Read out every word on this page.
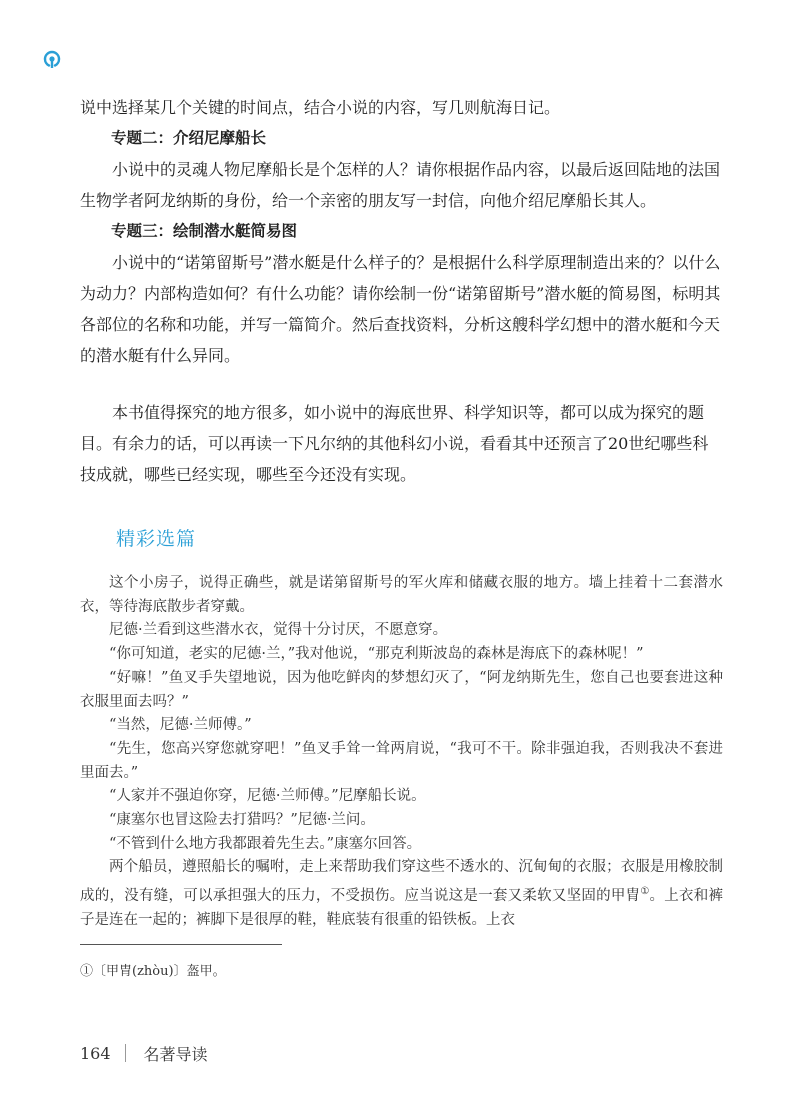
说中选择某几个关键的时间点，结合小说的内容，写几则航海日记。

专题二：介绍尼摩船长

小说中的灵魂人物尼摩船长是个怎样的人？请你根据作品内容，以最后返回陆地的法国生物学者阿龙纳斯的身份，给一个亲密的朋友写一封信，向他介绍尼摩船长其人。

专题三：绘制潜水艇简易图

小说中的“诺第留斯号”潜水艇是什么样子的？是根据什么科学原理制造出来的？以什么为动力？内部构造如何？有什么功能？请你绘制一份“诺第留斯号”潜水艇的简易图，标明其各部位的名称和功能，并写一篇简介。然后查找资料，分析这艘科学幻想中的潜水艇和今天的潜水艇有什么异同。

本书值得探究的地方很多，如小说中的海底世界、科学知识等，都可以成为探究的题目。有余力的话，可以再读一下凡尔纳的其他科幻小说，看看其中还预言了20世纪哪些科技成就，哪些已经实现，哪些至今还没有实现。

精彩选篇

这个小房子，说得正确些，就是诺第留斯号的军火库和储藏衣服的地方。墙上挂着十二套潜水衣，等待海底散步者穿戴。

尼德·兰看到这些潜水衣，觉得十分讨厌，不愿意穿。

“你可知道，老实的尼德·兰，”我对他说，“那克利斯波岛的森林是海底下的森林呢！”

“好嘛！”鱼叉手失望地说，因为他吃鲜肉的梦想幻灭了，“阿龙纳斯先生，您自己也要套进这种衣服里面去吗？”

“当然，尼德·兰师傅。”

“先生，您高兴穿您就穿吧！”鱼叉手耸一耸两肩说，“我可不干。除非强迫我，否则我决不套进里面去。”

“人家并不强迫你穿，尼德·兰师傅。”尼摩船长说。

“康塞尔也冒这险去打猎吗？”尼德·兰问。

“不管到什么地方我都跟着先生去。”康塞尔回答。

两个船员，遵照船长的嘱咐，走上来帮助我们穿这些不透水的、沉甸甸的衣服；衣服是用橡胶制成的，没有缝，可以承担强大的压力，不受损伤。应当说这是一套又柔软又坚固的甲胄①。上衣和裤子是连在一起的；裤脚下是很厚的鞋，鞋底装有很重的铅铁板。上衣

①〔甲胄(zhòu)〕盔甲。
164 名著导读
